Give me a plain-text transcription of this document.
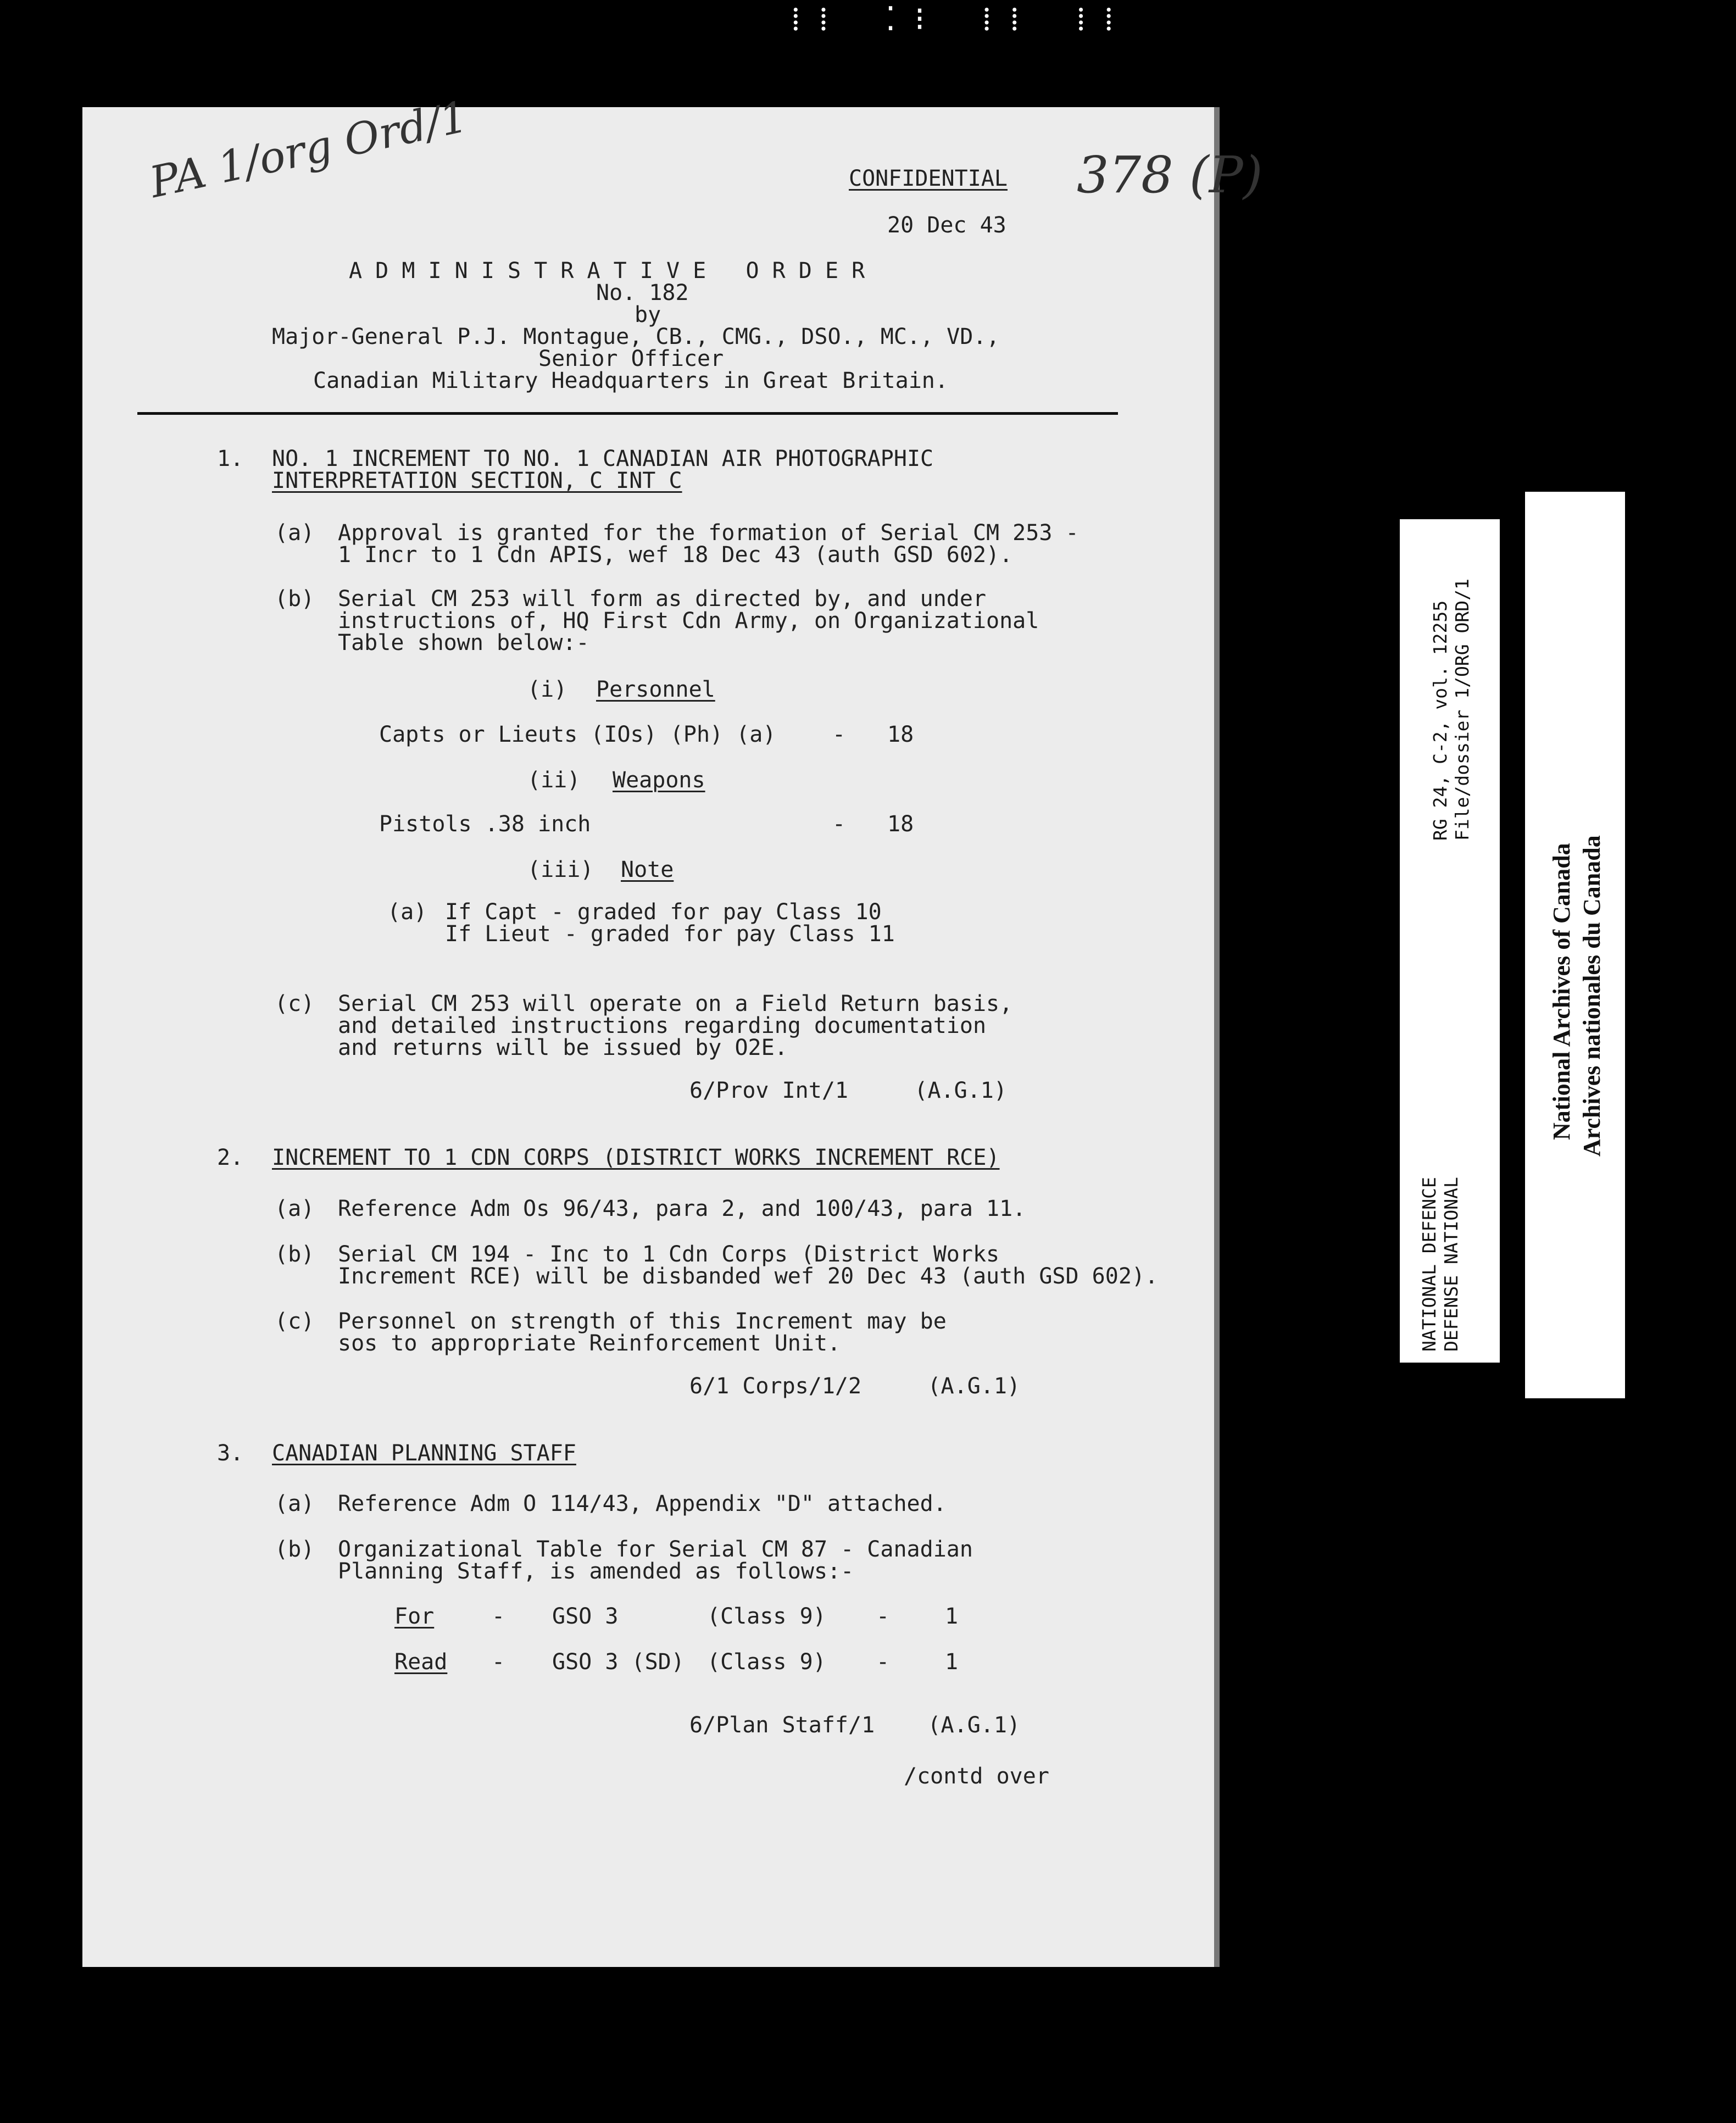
⁞⁞ ⁚⁝ ⁞⁞ ⁞⁞
PA 1/org Ord/1	378 (P)
CONFIDENTIAL
20 Dec 43
A D M I N I S T R A T I V E   O R D E R
No. 182
by
Major-General P.J. Montague, CB., CMG., DSO., MC., VD.,
Senior Officer
Canadian Military Headquarters in Great Britain.
1. NO. 1 INCREMENT TO NO. 1 CANADIAN AIR PHOTOGRAPHIC
INTERPRETATION SECTION, C INT C
(a) Approval is granted for the formation of Serial CM 253 -
1 Incr to 1 Cdn APIS, wef 18 Dec 43 (auth GSD 602).
(b) Serial CM 253 will form as directed by, and under
instructions of, HQ First Cdn Army, on Organizational
Table shown below:-
(i) Personnel
Capts or Lieuts (IOs) (Ph) (a)	- 18
(ii) Weapons
Pistols .38 inch	- 18
(iii) Note
(a) If Capt - graded for pay Class 10
If Lieut - graded for pay Class 11
(c) Serial CM 253 will operate on a Field Return basis,
and detailed instructions regarding documentation
and returns will be issued by O2E.
6/Prov Int/1     (A.G.1)
2. INCREMENT TO 1 CDN CORPS (DISTRICT WORKS INCREMENT RCE)
(a) Reference Adm Os 96/43, para 2, and 100/43, para 11.
(b) Serial CM 194 - Inc to 1 Cdn Corps (District Works
Increment RCE) will be disbanded wef 20 Dec 43 (auth GSD 602).
(c) Personnel on strength of this Increment may be
sos to appropriate Reinforcement Unit.
6/1 Corps/1/2     (A.G.1)
3. CANADIAN PLANNING STAFF
(a) Reference Adm O 114/43, Appendix "D" attached.
(b) Organizational Table for Serial CM 87 - Canadian
Planning Staff, is amended as follows:-
For	- GSO 3	(Class 9) -	1
Read - GSO 3 (SD) (Class 9) -	1
6/Plan Staff/1    (A.G.1)
/contd over
RG 24, C-2, vol. 12255 File/dossier 1/ORG ORD/1
NATIONAL DEFENCE DEFENSE NATIONAL
National Archives of Canada Archives nationales du Canada
